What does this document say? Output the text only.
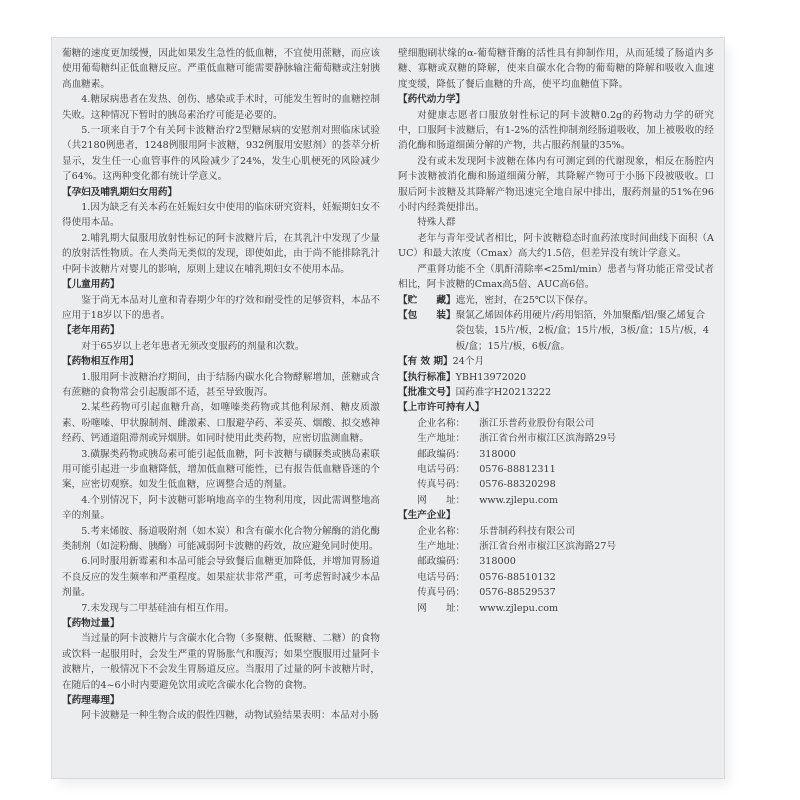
葡糖的速度更加缓慢，因此如果发生急性的低血糖，不宜使用蔗糖，而应该使用葡萄糖纠正低血糖反应。严重低血糖可能需要静脉输注葡萄糖或注射胰高血糖素。

4.糖尿病患者在发热、创伤、感染或手术时，可能发生暂时的血糖控制失败。这种情况下暂时的胰岛素治疗可能是必要的。

5.一项来自于7个有关阿卡波糖治疗2型糖尿病的安慰剂对照临床试验（共2180例患者，1248例服用阿卡波糖，932例服用安慰剂）的荟萃分析显示，发生任一心血管事件的风险减少了24%，发生心肌梗死的风险减少了64%。这两种变化都有统计学意义。

【孕妇及哺乳期妇女用药】

1.因为缺乏有关本药在妊娠妇女中使用的临床研究资料，妊娠期妇女不得使用本品。

2.哺乳期大鼠服用放射性标记的阿卡波糖片后，在其乳汁中发现了少量的放射活性物质。在人类尚无类似的发现，即使如此，由于尚不能排除乳汁中阿卡波糖片对婴儿的影响，原则上建议在哺乳期妇女不使用本品。

【儿童用药】

鉴于尚无本品对儿童和青春期少年的疗效和耐受性的足够资料，本品不应用于18岁以下的患者。

【老年用药】

对于65岁以上老年患者无须改变服药的剂量和次数。

【药物相互作用】

1.服用阿卡波糖治疗期间，由于结肠内碳水化合物酵解增加，蔗糖或含有蔗糖的食物常会引起腹部不适，甚至导致腹泻。

2.某些药物可引起血糖升高，如噻嗪类药物或其他利尿剂、糖皮质激素、吩噻嗪、甲状腺制剂、雌激素、口服避孕药、苯妥英、烟酸、拟交感神经药、钙通道阻滞剂或异烟肼。如同时使用此类药物，应密切监测血糖。

3.磺脲类药物或胰岛素可能引起低血糖，阿卡波糖与磺脲类或胰岛素联用可能引起进一步血糖降低，增加低血糖可能性，已有报告低血糖昏迷的个案，应密切观察。如发生低血糖，应调整合适的剂量。

4.个别情况下，阿卡波糖可影响地高辛的生物利用度，因此需调整地高辛的剂量。

5.考来烯胺、肠道吸附剂（如木炭）和含有碳水化合物分解酶的消化酶类制剂（如淀粉酶、胰酶）可能减弱阿卡波糖的药效，故应避免同时使用。

6.同时服用新霉素和本品可能会导致餐后血糖更加降低，并增加胃肠道不良反应的发生频率和严重程度。如果症状非常严重，可考虑暂时减少本品剂量。

7.未发现与二甲基硅油有相互作用。

【药物过量】

当过量的阿卡波糖片与含碳水化合物（多聚糖、低聚糖、二糖）的食物或饮料一起服用时，会发生严重的胃肠胀气和腹泻；如果空腹服用过量阿卡波糖片，一般情况下不会发生胃肠道反应。当服用了过量的阿卡波糖片时，在随后的4~6小时内要避免饮用或吃含碳水化合物的食物。

【药理毒理】

阿卡波糖是一种生物合成的假性四糖，动物试验结果表明：本品对小肠

壁细胞刷状缘的α-葡萄糖苷酶的活性具有抑制作用，从而延缓了肠道内多糖、寡糖或双糖的降解，使来自碳水化合物的葡萄糖的降解和吸收入血速度变缓，降低了餐后血糖的升高，使平均血糖值下降。

【药代动力学】

对健康志愿者口服放射性标记的阿卡波糖0.2g的药物动力学的研究中，口服阿卡波糖后，有1-2%的活性抑制剂经肠道吸收，加上被吸收的经消化酶和肠道细菌分解的产物，共占服药剂量的35%。

没有或未发现阿卡波糖在体内有可测定到的代谢现象，相反在肠腔内阿卡波糖被消化酶和肠道细菌分解，其降解产物可于小肠下段被吸收。口服后阿卡波糖及其降解产物迅速完全地自尿中排出，服药剂量的51%在96小时内经粪便排出。

特殊人群

老年与青年受试者相比，阿卡波糖稳态时血药浓度时间曲线下面积（AUC）和最大浓度（Cmax）高大约1.5倍，但差异没有统计学意义。

严重肾功能不全（肌酐清除率<25ml/min）患者与肾功能正常受试者相比，阿卡波糖的Cmax高5倍、AUC高6倍。

【贮　　藏】 遮光，密封，在25℃以下保存。
【包　　装】 聚氯乙烯固体药用硬片/药用铝箔，外加聚酯/铝/聚乙烯复合袋包装，15片/板，2板/盒；15片/板，3板/盒；15片/板，4板/盒；15片/板，6板/盒。
【有 效 期】 24个月
【执行标准】 YBH13972020
【批准文号】 国药准字H20213222

【上市许可持有人】

企业名称：	浙江乐普药业股份有限公司
生产地址：	浙江省台州市椒江区滨海路29号
邮政编码：	318000
电话号码：	0576-88812311
传真号码：	0576-88320298
网　　址：	www.zjlepu.com

【生产企业】

企业名称：	乐普制药科技有限公司
生产地址：	浙江省台州市椒江区滨海路27号
邮政编码：	318000
电话号码：	0576-88510132
传真号码：	0576-88529537
网　　址：	www.zjlepu.com
